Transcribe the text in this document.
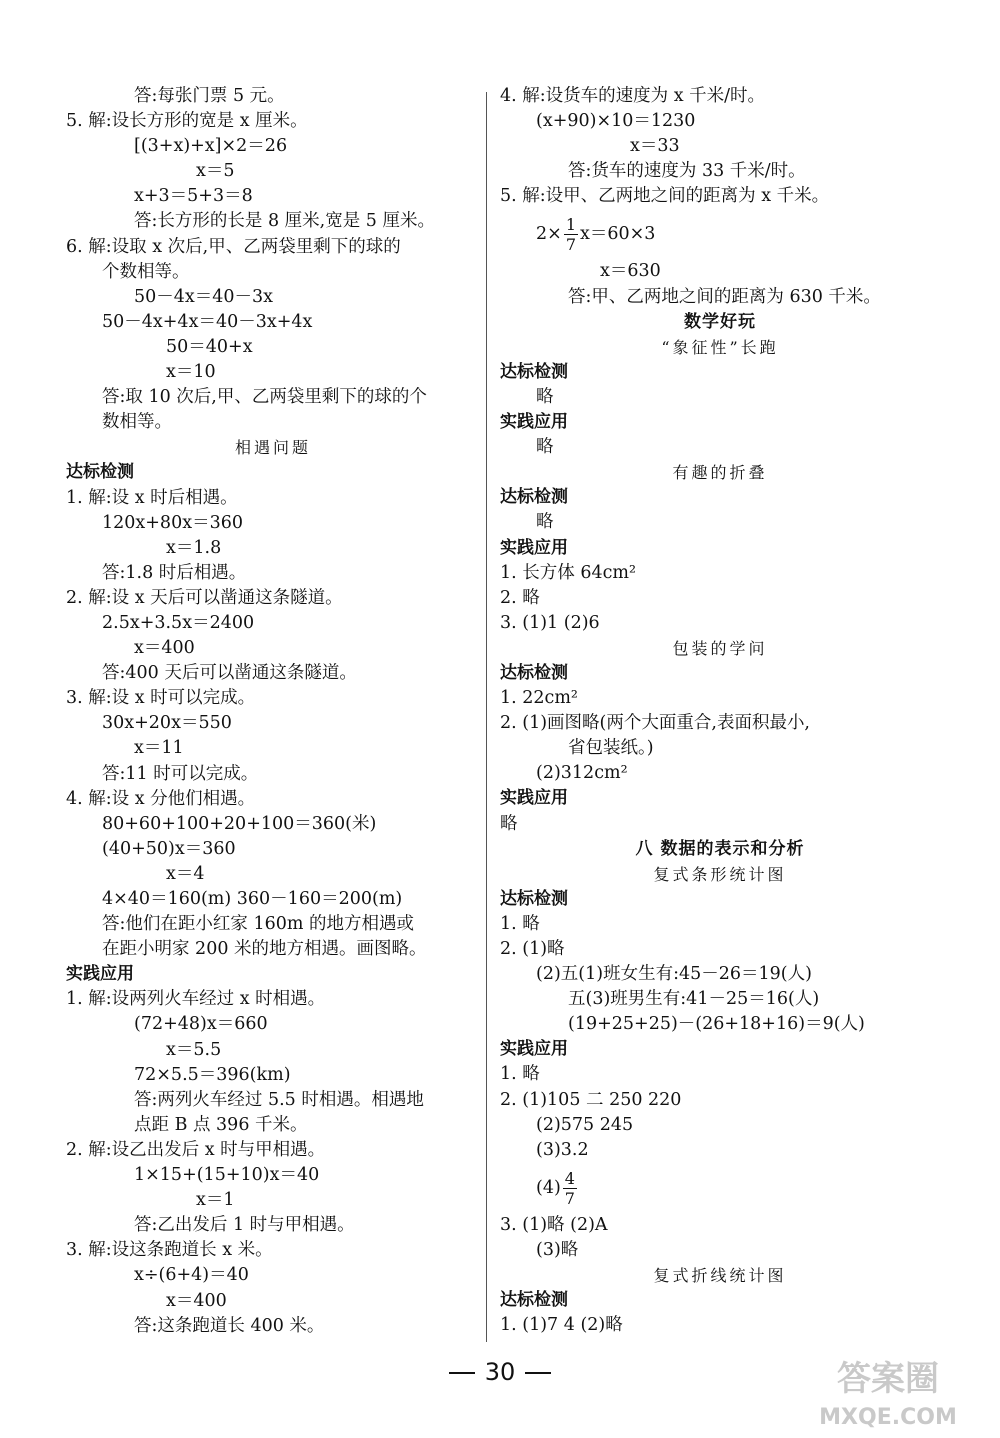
答:每张门票 5 元。
5. 解:设长方形的宽是 x 厘米。
[(3+x)+x]×2＝26
x＝5
x+3＝5+3＝8
答:长方形的长是 8 厘米,宽是 5 厘米。
6. 解:设取 x 次后,甲、乙两袋里剩下的球的
个数相等。
50－4x＝40－3x
50－4x+4x＝40－3x+4x
50＝40+x
x＝10
答:取 10 次后,甲、乙两袋里剩下的球的个
数相等。
相遇问题
达标检测
1. 解:设 x 时后相遇。
120x+80x＝360
x＝1.8
答:1.8 时后相遇。
2. 解:设 x 天后可以凿通这条隧道。
2.5x+3.5x＝2400
x＝400
答:400 天后可以凿通这条隧道。
3. 解:设 x 时可以完成。
30x+20x＝550
x＝11
答:11 时可以完成。
4. 解:设 x 分他们相遇。
80+60+100+20+100＝360(米)
(40+50)x＝360
x＝4
4×40＝160(m) 360－160＝200(m)
答:他们在距小红家 160m 的地方相遇或
在距小明家 200 米的地方相遇。画图略。
实践应用
1. 解:设两列火车经过 x 时相遇。
(72+48)x＝660
x＝5.5
72×5.5＝396(km)
答:两列火车经过 5.5 时相遇。相遇地
点距 B 点 396 千米。
2. 解:设乙出发后 x 时与甲相遇。
1×15+(15+10)x＝40
x＝1
答:乙出发后 1 时与甲相遇。
3. 解:设这条跑道长 x 米。
x÷(6+4)＝40
x＝400
答:这条跑道长 400 米。
4. 解:设货车的速度为 x 千米/时。
(x+90)×10＝1230
x＝33
答:货车的速度为 33 千米/时。
5. 解:设甲、乙两地之间的距离为 x 千米。
$2\times \frac{1}{7} x=60\times 3$
x＝630
答:甲、乙两地之间的距离为 630 千米。
数学好玩
“象征性”长跑
达标检测
略
实践应用
略
有趣的折叠
达标检测
略
实践应用
1. 长方体 64cm²
2. 略
3. (1)1 (2)6
包装的学问
达标检测
1. 22cm²
2. (1)画图略(两个大面重合,表面积最小,
省包装纸。)
(2)312cm²
实践应用
略
八 数据的表示和分析
复式条形统计图
达标检测
1. 略
2. (1)略
(2)五(1)班女生有:45－26＝19(人)
五(3)班男生有:41－25＝16(人)
(19+25+25)－(26+18+16)＝9(人)
实践应用
1. 略
2. (1)105 二 250 220
(2)575 245
(3)3.2
$(4) \frac{4}{7}$
3. (1)略 (2)A
(3)略
复式折线统计图
达标检测
1. (1)7 4 (2)略
30	答案圈
MXQE.COM
